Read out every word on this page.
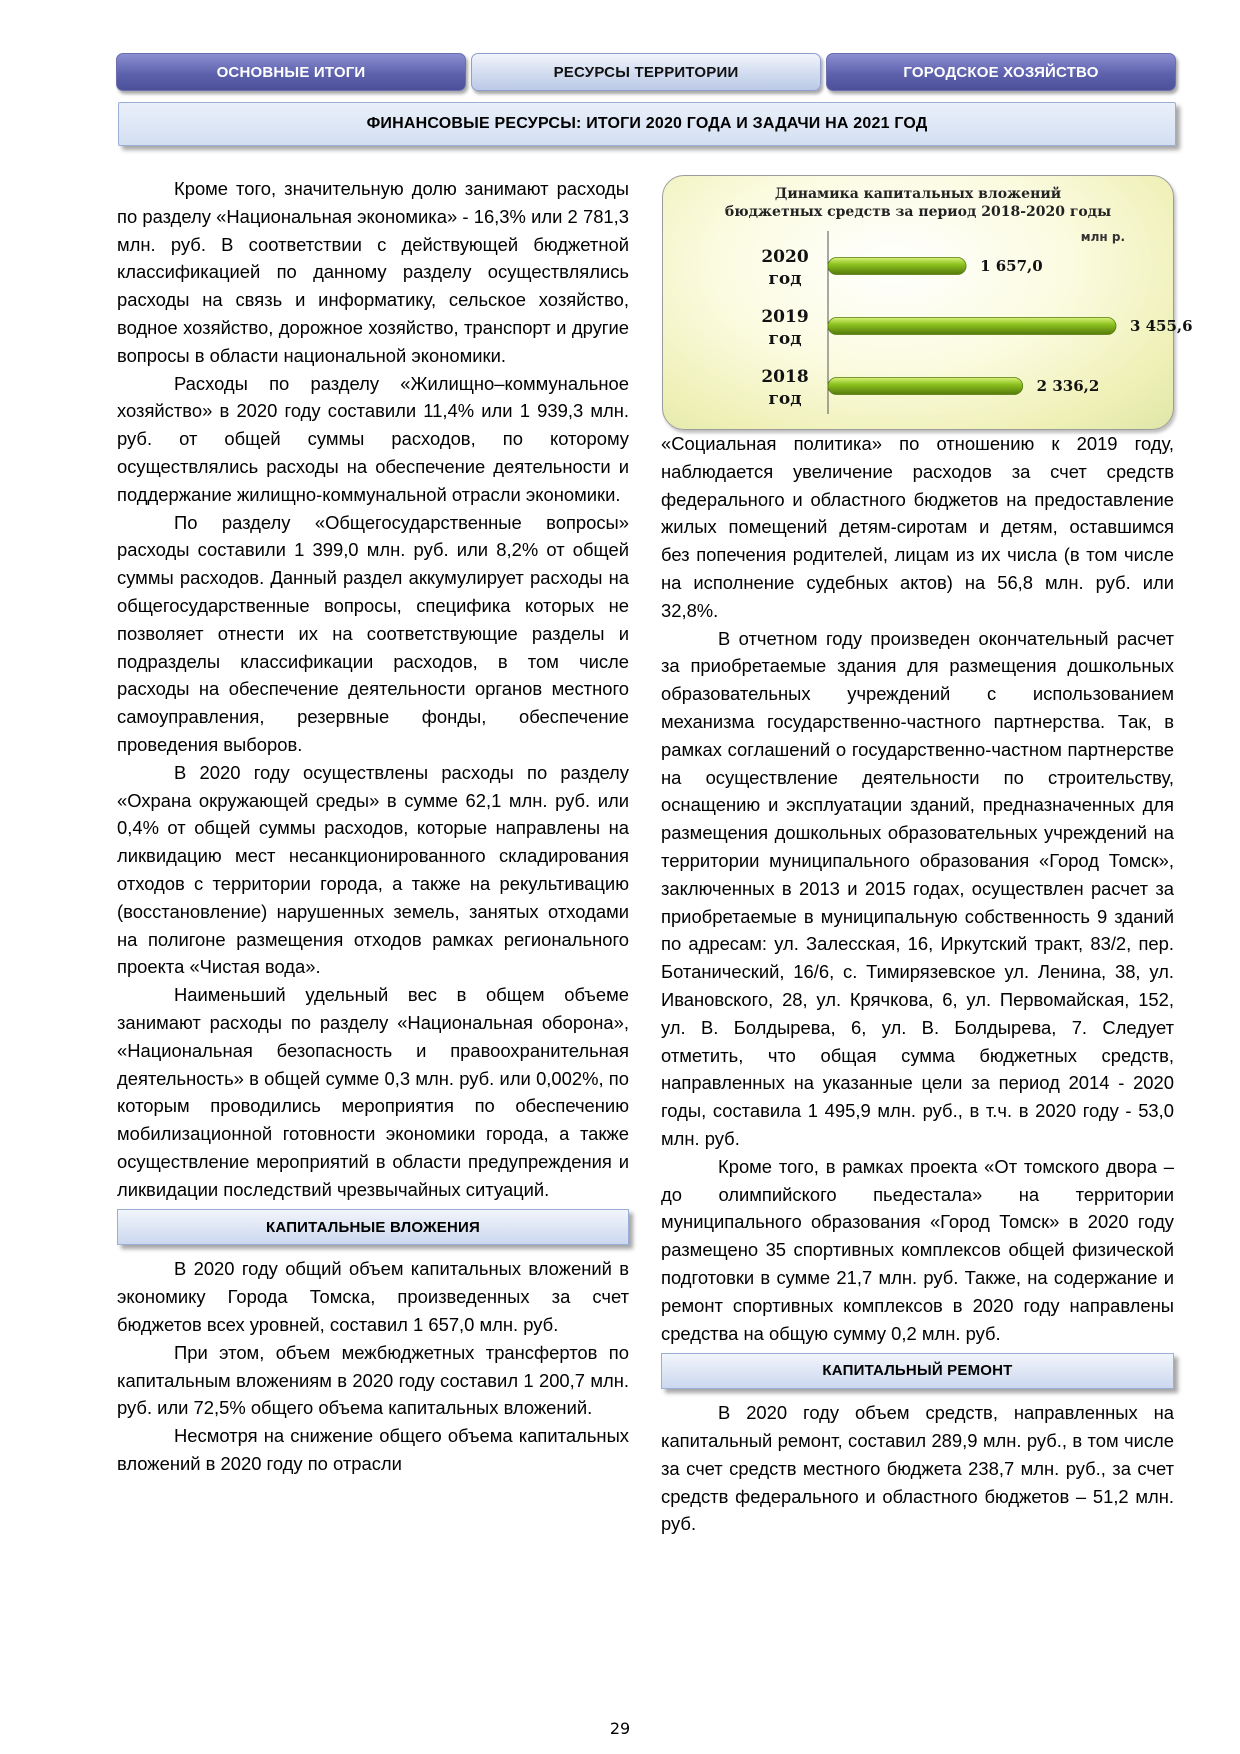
ОСНОВНЫЕ ИТОГИ	РЕСУРСЫ ТЕРРИТОРИИ	ГОРОДСКОЕ ХОЗЯЙСТВО
ФИНАНСОВЫЕ РЕСУРСЫ: ИТОГИ 2020 ГОДА И ЗАДАЧИ НА 2021 ГОД

Кроме того, значительную долю занимают расходы по разделу «Национальная экономика» - 16,3% или 2 781,3 млн. руб. В соответствии с действующей бюджетной классификацией по данному разделу осуществлялись расходы на связь и информатику, сельское хозяйство, водное хозяйство, дорожное хозяйство, транспорт и другие вопросы в области национальной экономики.

Расходы по разделу «Жилищно–коммунальное хозяйство» в 2020 году составили 11,4% или 1 939,3 млн. руб. от общей суммы расходов, по которому осуществлялись расходы на обеспечение деятельности и поддержание жилищно-коммунальной отрасли экономики.

По разделу «Общегосударственные вопросы» расходы составили 1 399,0 млн. руб. или 8,2% от общей суммы расходов. Данный раздел аккумулирует расходы на общегосударственные вопросы, специфика которых не позволяет отнести их на соответствующие разделы и подразделы классификации расходов, в том числе расходы на обеспечение деятельности органов местного самоуправления, резервные фонды, обеспечение проведения выборов.

В 2020 году осуществлены расходы по разделу «Охрана окружающей среды» в сумме 62,1 млн. руб. или 0,4% от общей суммы расходов, которые направлены на ликвидацию мест несанкционированного складирования отходов с территории города, а также на рекультивацию (восстановление) нарушенных земель, занятых отходами на полигоне размещения отходов рамках регионального проекта «Чистая вода».

Наименьший удельный вес в общем объеме занимают расходы по разделу «Национальная оборона», «Национальная безопасность и правоохранительная деятельность» в общей сумме 0,3 млн. руб. или 0,002%, по которым проводились мероприятия по обеспечению мобилизационной готовности экономики города, а также осуществление мероприятий в области предупреждения и ликвидации последствий чрезвычайных ситуаций.

КАПИТАЛЬНЫЕ ВЛОЖЕНИЯ

В 2020 году общий объем капитальных вложений в экономику Города Томска, произведенных за счет бюджетов всех уровней, составил 1 657,0 млн. руб.

При этом, объем межбюджетных трансфертов по капитальным вложениям в 2020 году составил 1 200,7 млн. руб. или 72,5% общего объема капитальных вложений.

Несмотря на снижение общего объема капитальных вложений в 2020 году по отрасли

Динамика капитальных вложений
бюджетных средств за период 2018-2020 годы
млн р.
2020
год
1 657,0
2019
год
3 455,6
2018
год
2 336,2

«Социальная политика» по отношению к 2019 году, наблюдается увеличение расходов за счет средств федерального и областного бюджетов на предоставление жилых помещений детям-сиротам и детям, оставшимся без попечения родителей, лицам из их числа (в том числе на исполнение судебных актов) на 56,8 млн. руб. или 32,8%.

В отчетном году произведен окончательный расчет за приобретаемые здания для размещения дошкольных образовательных учреждений с использованием механизма государственно-частного партнерства. Так, в рамках соглашений о государственно-частном партнерстве на осуществление деятельности по строительству, оснащению и эксплуатации зданий, предназначенных для размещения дошкольных образовательных учреждений на территории муниципального образования «Город Томск», заключенных в 2013 и 2015 годах, осуществлен расчет за приобретаемые в муниципальную собственность 9 зданий по адресам: ул. Залесская, 16, Иркутский тракт, 83/2, пер. Ботанический, 16/6, с. Тимирязевское ул. Ленина, 38, ул. Ивановского, 28, ул. Крячкова, 6, ул. Первомайская, 152, ул. В. Болдырева, 6, ул. В. Болдырева, 7. Следует отметить, что общая сумма бюджетных средств, направленных на указанные цели за период 2014 - 2020 годы, составила 1 495,9 млн. руб., в т.ч. в 2020 году - 53,0 млн. руб.

Кроме того, в рамках проекта «От томского двора – до олимпийского пьедестала» на территории муниципального образования «Город Томск» в 2020 году размещено 35 спортивных комплексов общей физической подготовки в сумме 21,7 млн. руб. Также, на содержание и ремонт спортивных комплексов в 2020 году направлены средства на общую сумму 0,2 млн. руб.

КАПИТАЛЬНЫЙ РЕМОНТ

В 2020 году объем средств, направленных на капитальный ремонт, составил 289,9 млн. руб., в том числе за счет средств местного бюджета 238,7 млн. руб., за счет средств федерального и областного бюджетов – 51,2 млн. руб.

29
